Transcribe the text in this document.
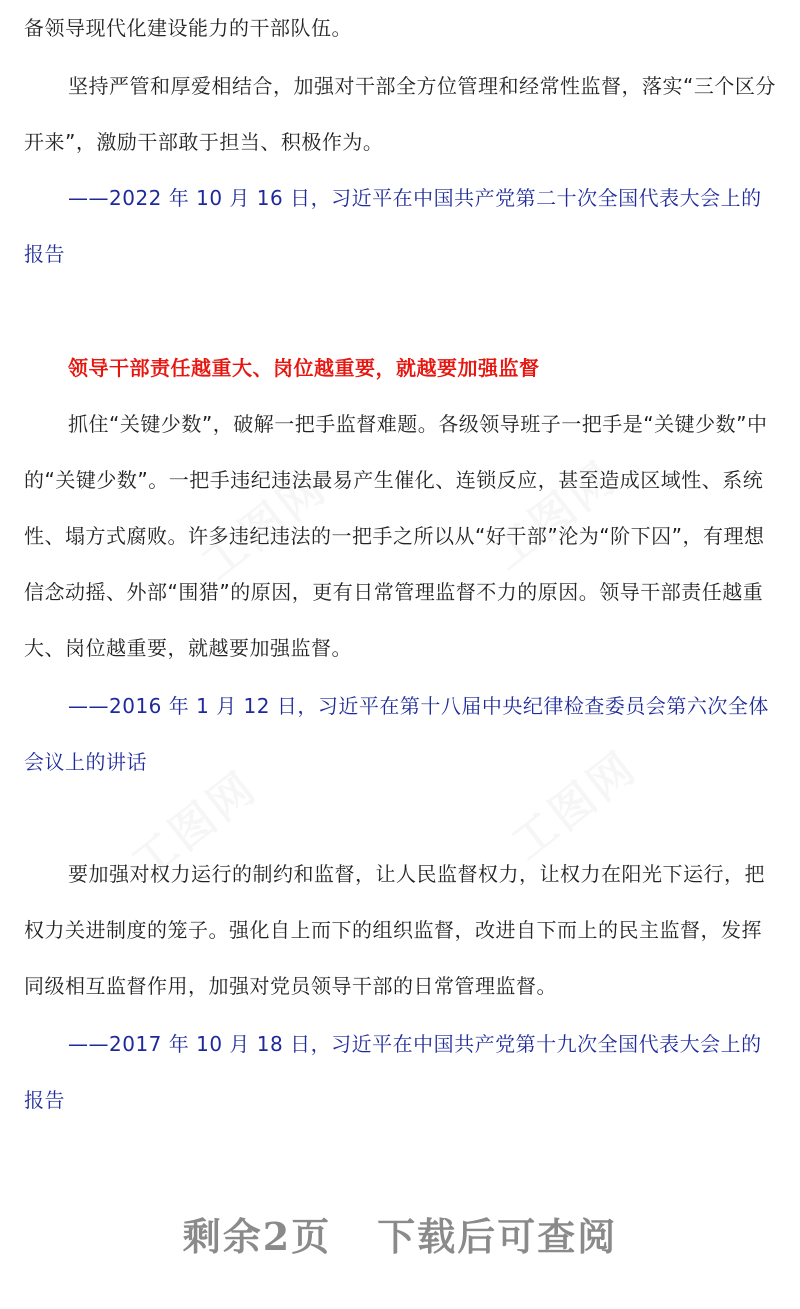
备领导现代化建设能力的干部队伍。

坚持严管和厚爱相结合，加强对干部全方位管理和经常性监督，落实“三个区分开来”，激励干部敢于担当、积极作为。

——2022 年 10 月 16 日，习近平在中国共产党第二十次全国代表大会上的报告

领导干部责任越重大、岗位越重要，就越要加强监督

抓住“关键少数”，破解一把手监督难题。各级领导班子一把手是“关键少数”中的“关键少数”。一把手违纪违法最易产生催化、连锁反应，甚至造成区域性、系统性、塌方式腐败。许多违纪违法的一把手之所以从“好干部”沦为“阶下囚”，有理想信念动摇、外部“围猎”的原因，更有日常管理监督不力的原因。领导干部责任越重大、岗位越重要，就越要加强监督。

——2016 年 1 月 12 日，习近平在第十八届中央纪律检查委员会第六次全体会议上的讲话

要加强对权力运行的制约和监督，让人民监督权力，让权力在阳光下运行，把权力关进制度的笼子。强化自上而下的组织监督，改进自下而上的民主监督，发挥同级相互监督作用，加强对党员领导干部的日常管理监督。

——2017 年 10 月 18 日，习近平在中国共产党第十九次全国代表大会上的报告

剩余2页 下载后可查阅
